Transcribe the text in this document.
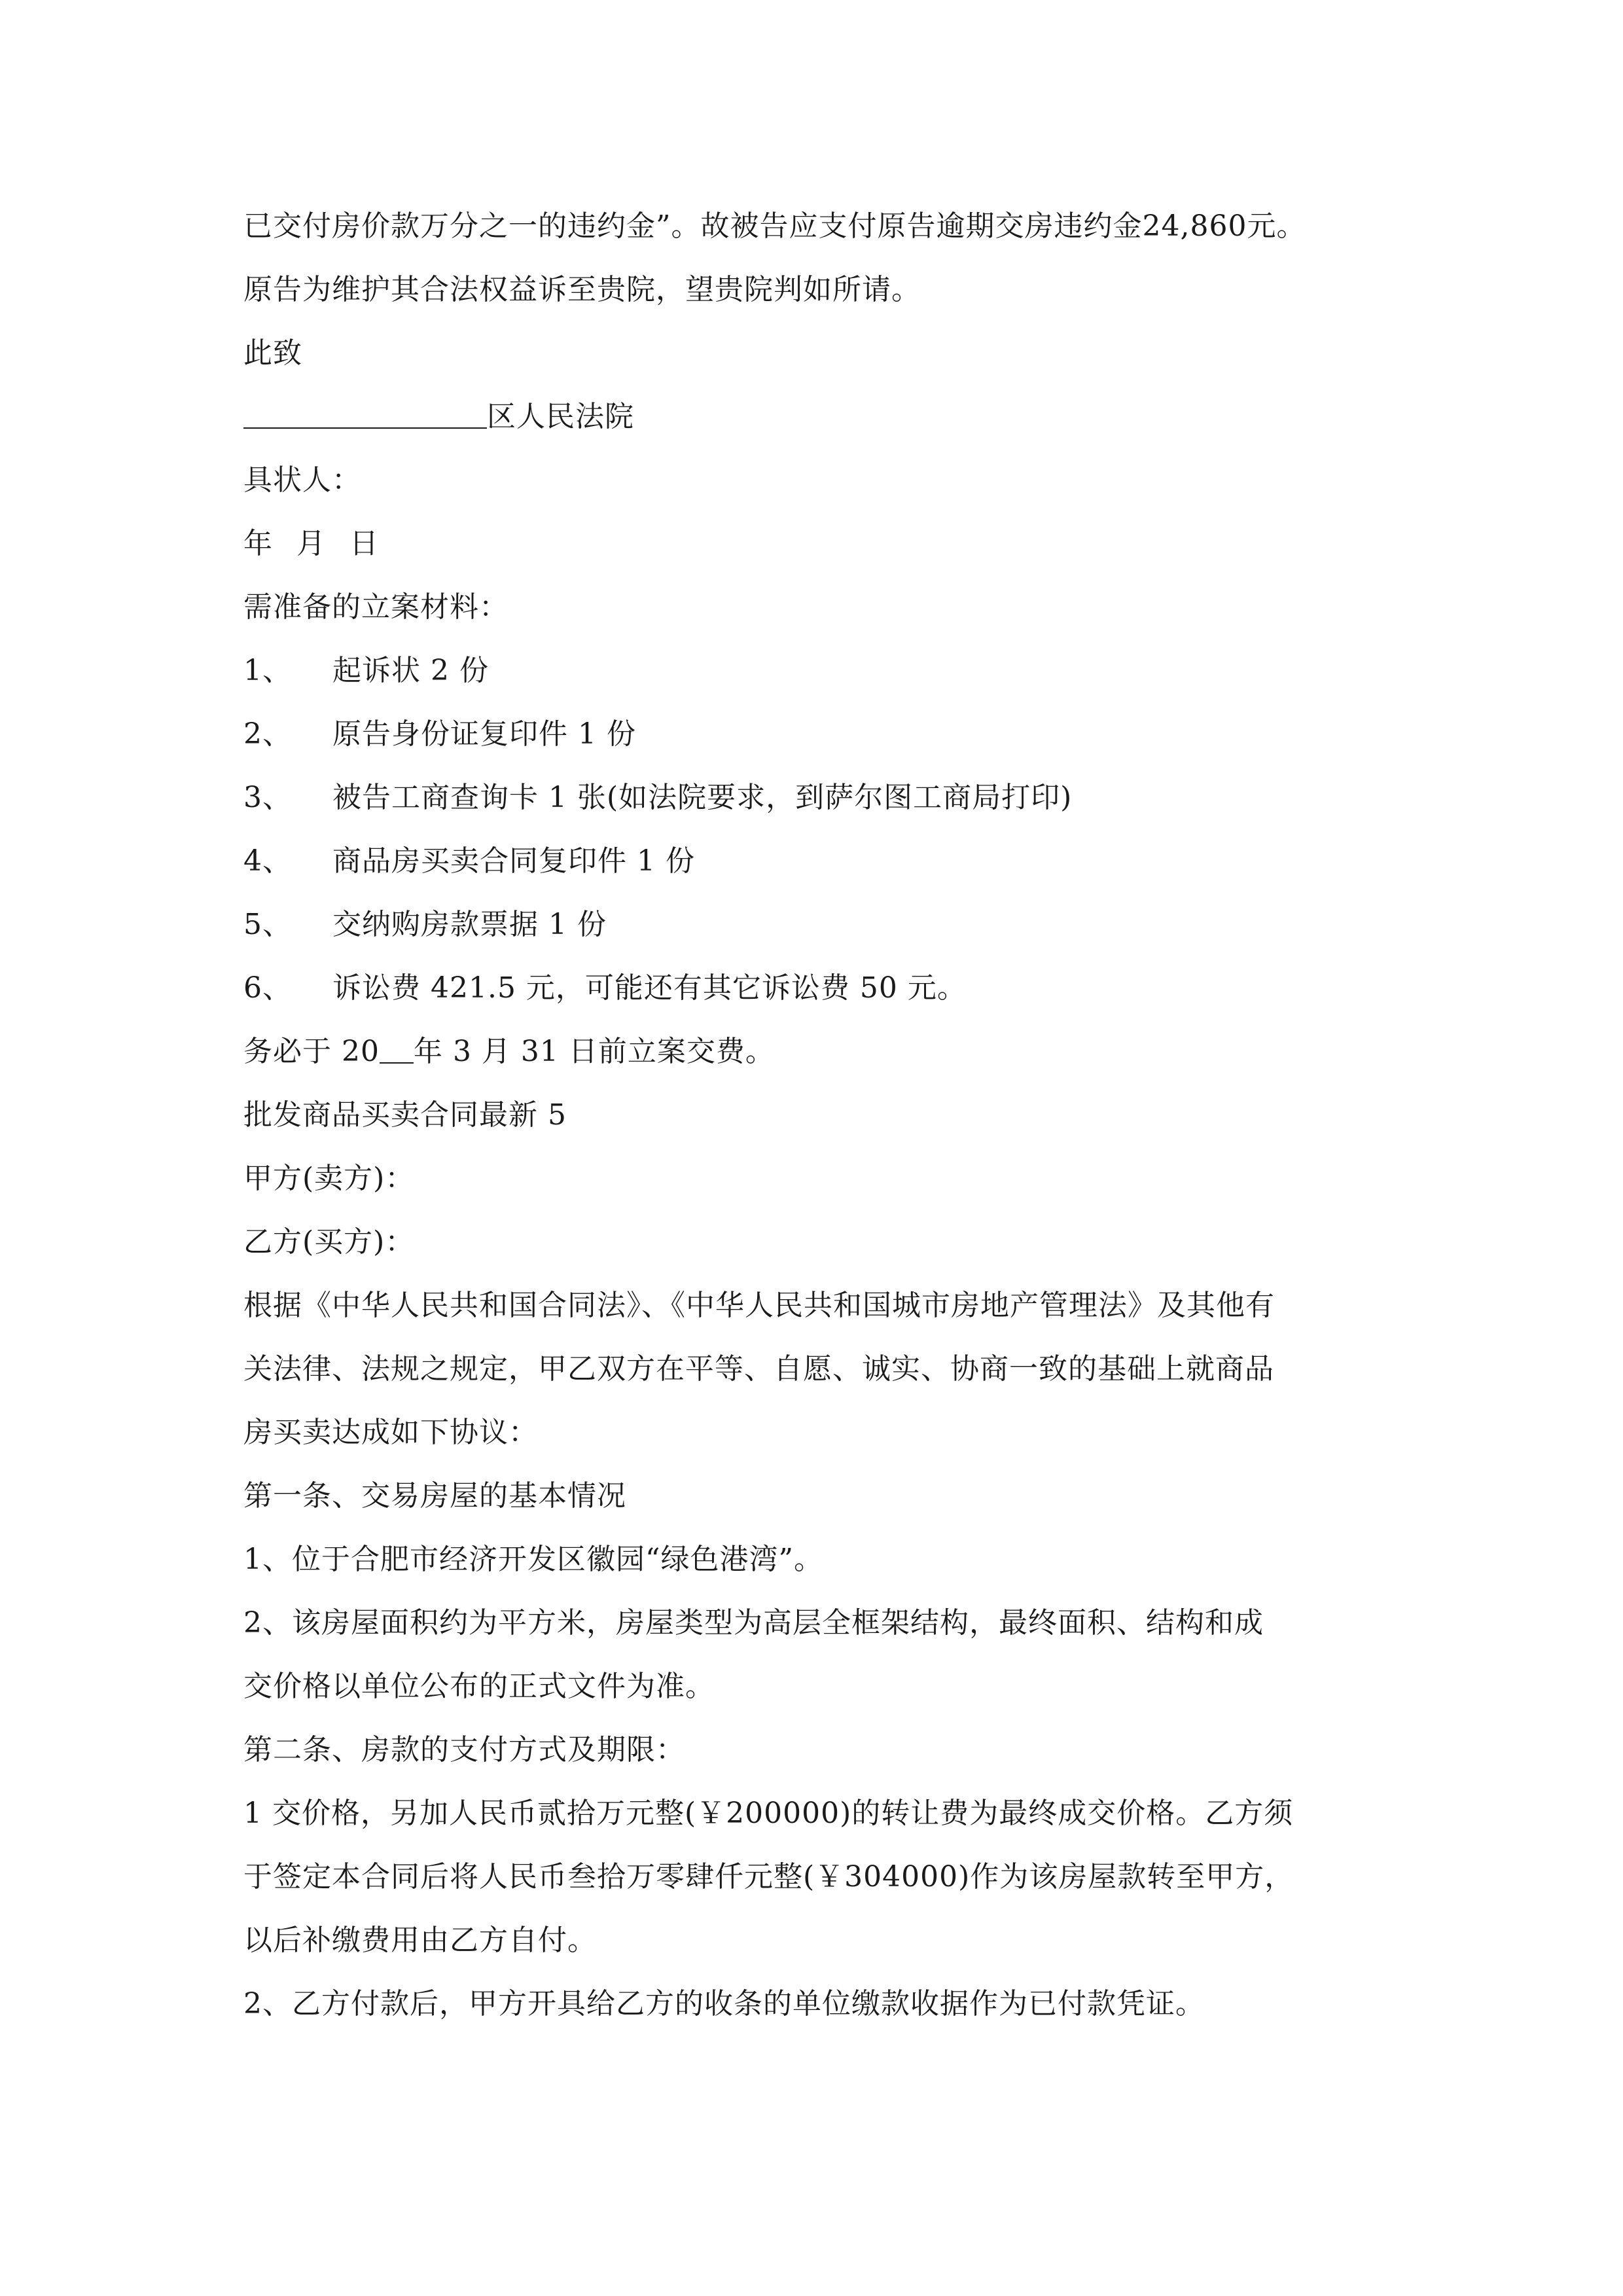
已交付房价款万分之一的违约金”。故被告应支付原告逾期交房违约金24,860元。

原告为维护其合法权益诉至贵院，望贵院判如所请。

此致

区人民法院

具状人：

年 月 日

需准备的立案材料：

1、 起诉状 2 份

2、 原告身份证复印件 1 份

3、 被告工商查询卡 1 张(如法院要求，到萨尔图工商局打印)

4、 商品房买卖合同复印件 1 份

5、 交纳购房款票据 1 份

6、 诉讼费 421.5 元，可能还有其它诉讼费 50 元。

务必于 20 年 3 月 31 日前立案交费。

批发商品买卖合同最新 5

甲方(卖方)：

乙方(买方)：

根据《中华人民共和国合同法》、《中华人民共和国城市房地产管理法》及其他有

关法律、法规之规定，甲乙双方在平等、自愿、诚实、协商一致的基础上就商品

房买卖达成如下协议：

第一条、交易房屋的基本情况

1、位于合肥市经济开发区徽园“绿色港湾”。

2、该房屋面积约为平方米，房屋类型为高层全框架结构，最终面积、结构和成

交价格以单位公布的正式文件为准。

第二条、房款的支付方式及期限：

1 交价格，另加人民币贰拾万元整(￥200000)的转让费为最终成交价格。乙方须

于签定本合同后将人民币叁拾万零肆仟元整(￥304000)作为该房屋款转至甲方，

以后补缴费用由乙方自付。

2、乙方付款后，甲方开具给乙方的收条的单位缴款收据作为已付款凭证。
